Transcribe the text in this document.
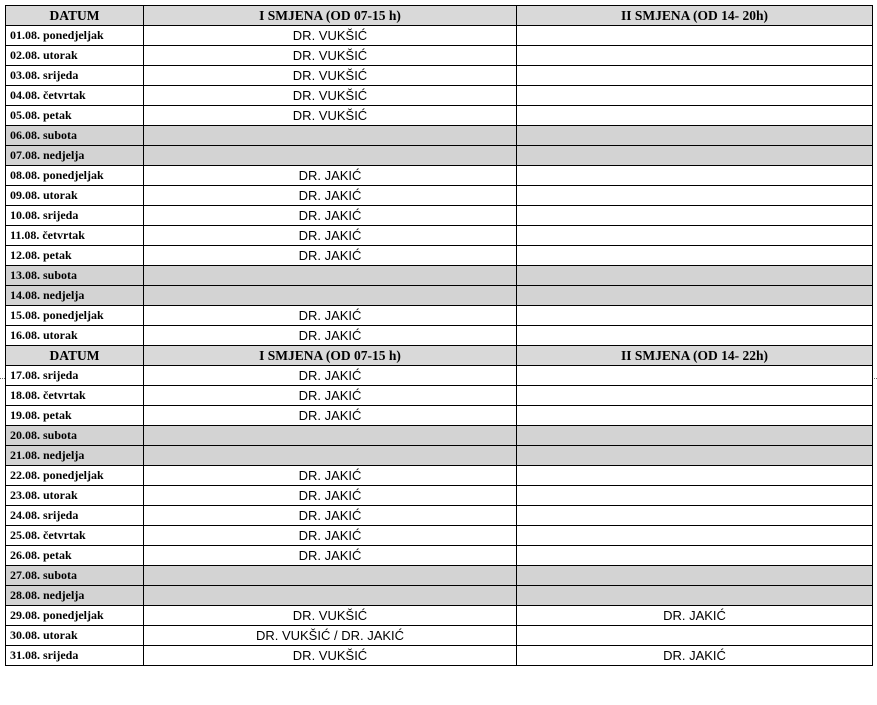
DATUM	I SMJENA (OD 07-15 h)	II SMJENA (OD 14- 20h)
01.08. ponedjeljak	DR. VUKŠIĆ	
02.08. utorak	DR. VUKŠIĆ	
03.08. srijeda	DR. VUKŠIĆ	
04.08. četvrtak	DR. VUKŠIĆ	
05.08. petak	DR. VUKŠIĆ	
06.08. subota		
07.08. nedjelja		
08.08. ponedjeljak	DR. JAKIĆ	
09.08. utorak	DR. JAKIĆ	
10.08. srijeda	DR. JAKIĆ	
11.08. četvrtak	DR. JAKIĆ	
12.08. petak	DR. JAKIĆ	
13.08. subota		
14.08. nedjelja		
15.08. ponedjeljak	DR. JAKIĆ	
16.08. utorak	DR. JAKIĆ	
DATUM	I SMJENA (OD 07-15 h)	II SMJENA (OD 14- 22h)
17.08. srijeda	DR. JAKIĆ	
18.08. četvrtak	DR. JAKIĆ	
19.08. petak	DR. JAKIĆ	
20.08. subota		
21.08. nedjelja		
22.08. ponedjeljak	DR. JAKIĆ	
23.08. utorak	DR. JAKIĆ	
24.08. srijeda	DR. JAKIĆ	
25.08. četvrtak	DR. JAKIĆ	
26.08. petak	DR. JAKIĆ	
27.08. subota		
28.08. nedjelja		
29.08. ponedjeljak	DR. VUKŠIĆ	DR. JAKIĆ
30.08. utorak	DR. VUKŠIĆ / DR. JAKIĆ	
31.08. srijeda	DR. VUKŠIĆ	DR. JAKIĆ
